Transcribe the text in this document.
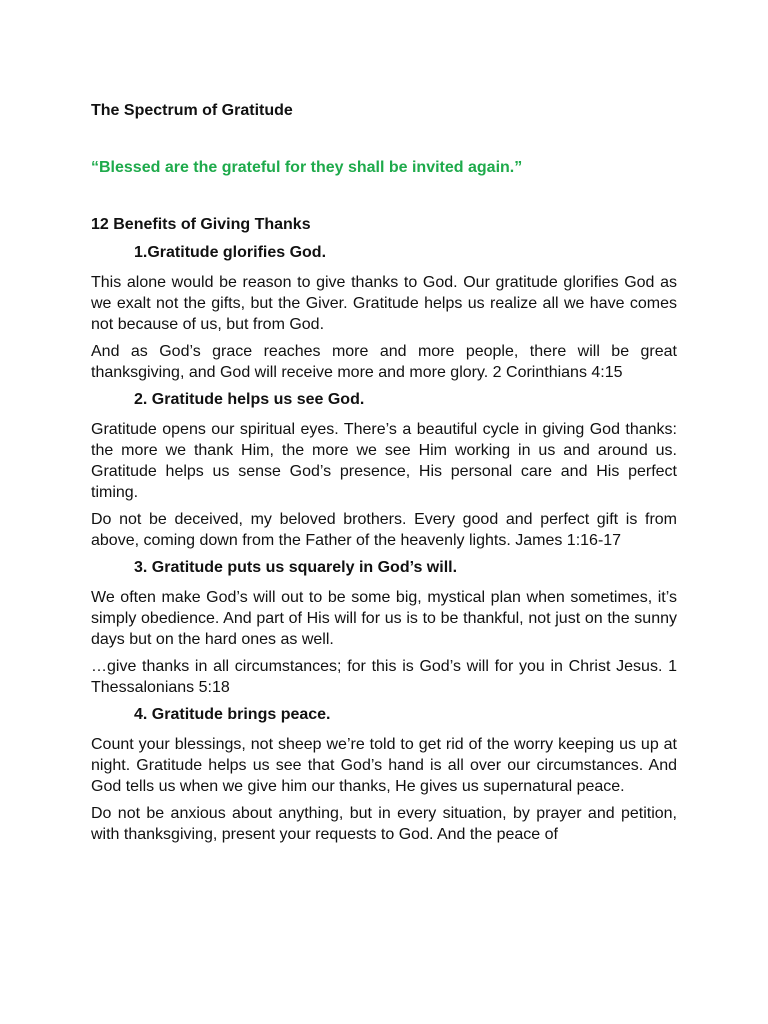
The Spectrum of Gratitude

“Blessed are the grateful for they shall be invited again.”

12 Benefits of Giving Thanks

1.Gratitude glorifies God.

This alone would be reason to give thanks to God. Our gratitude glorifies God as we exalt not the gifts, but the Giver. Gratitude helps us realize all we have comes not because of us, but from God.

And as God’s grace reaches more and more people, there will be great thanksgiving, and God will receive more and more glory. 2 Corinthians 4:15

2. Gratitude helps us see God.

Gratitude opens our spiritual eyes. There’s a beautiful cycle in giving God thanks: the more we thank Him, the more we see Him working in us and around us. Gratitude helps us sense God’s presence, His personal care and His perfect timing.

Do not be deceived, my beloved brothers. Every good and perfect gift is from above, coming down from the Father of the heavenly lights. James 1:16-17

3. Gratitude puts us squarely in God’s will.

We often make God’s will out to be some big, mystical plan when sometimes, it’s simply obedience. And part of His will for us is to be thankful, not just on the sunny days but on the hard ones as well.

…give thanks in all circumstances; for this is God’s will for you in Christ Jesus. 1 Thessalonians 5:18

4. Gratitude brings peace.

Count your blessings, not sheep we’re told to get rid of the worry keeping us up at night. Gratitude helps us see that God’s hand is all over our circumstances. And God tells us when we give him our thanks, He gives us supernatural peace.

Do not be anxious about anything, but in every situation, by prayer and petition, with thanksgiving, present your requests to God. And the peace of
